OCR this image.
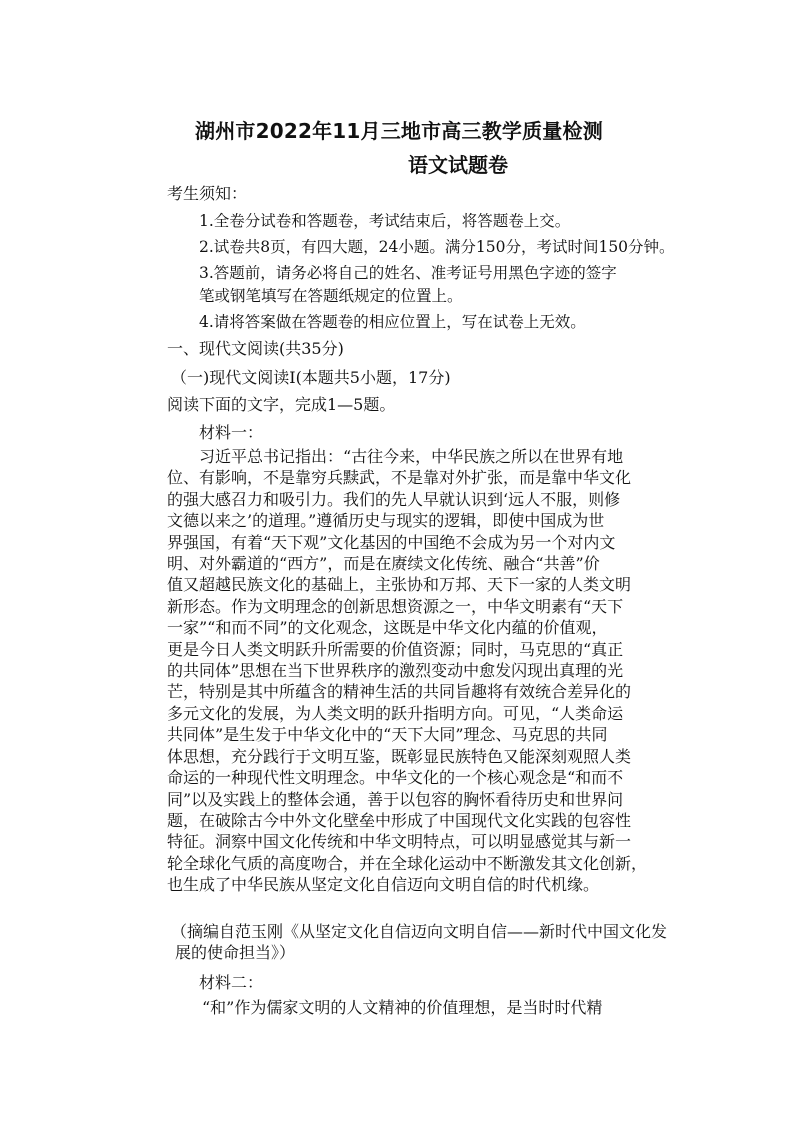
湖州市2022年11月三地市高三教学质量检测
语文试题卷
考生须知：
1.全卷分试卷和答题卷，考试结束后，将答题卷上交。
2.试卷共8页，有四大题，24小题。满分150分，考试时间150分钟。
3.答题前，请务必将自己的姓名、准考证号用黑色字迹的签字
笔或钢笔填写在答题纸规定的位置上。
4.请将答案做在答题卷的相应位置上，写在试卷上无效。
一、现代文阅读(共35分)
（一)现代文阅读I(本题共5小题，17分)
阅读下面的文字，完成1—5题。
材料一：
习近平总书记指出：“古往今来，中华民族之所以在世界有地
位、有影响，不是靠穷兵黩武，不是靠对外扩张，而是靠中华文化
的强大感召力和吸引力。我们的先人早就认识到‘远人不服，则修
文德以来之’的道理。”遵循历史与现实的逻辑，即使中国成为世
界强国，有着“天下观”文化基因的中国绝不会成为另一个对内文
明、对外霸道的“西方”，而是在赓续文化传统、融合“共善”价
值又超越民族文化的基础上，主张协和万邦、天下一家的人类文明
新形态。作为文明理念的创新思想资源之一，中华文明素有“天下
一家”“和而不同”的文化观念，这既是中华文化内蕴的价值观，
更是今日人类文明跃升所需要的价值资源；同时，马克思的“真正
的共同体”思想在当下世界秩序的激烈变动中愈发闪现出真理的光
芒，特别是其中所蕴含的精神生活的共同旨趣将有效统合差异化的
多元文化的发展，为人类文明的跃升指明方向。可见，“人类命运
共同体”是生发于中华文化中的“天下大同”理念、马克思的共同
体思想，充分践行于文明互鉴，既彰显民族特色又能深刻观照人类
命运的一种现代性文明理念。中华文化的一个核心观念是“和而不
同”以及实践上的整体会通，善于以包容的胸怀看待历史和世界问
题，在破除古今中外文化壁垒中形成了中国现代文化实践的包容性
特征。洞察中国文化传统和中华文明特点，可以明显感觉其与新一
轮全球化气质的高度吻合，并在全球化运动中不断激发其文化创新，
也生成了中华民族从坚定文化自信迈向文明自信的时代机缘。
（摘编自范玉刚《从坚定文化自信迈向文明自信——新时代中国文化发
展的使命担当》）
材料二：
“和”作为儒家文明的人文精神的价值理想，是当时时代精
